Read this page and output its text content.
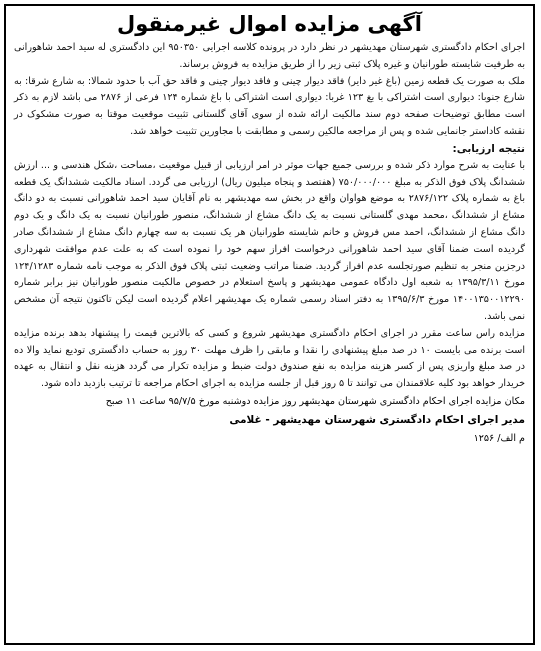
آگهی مزایده اموال غیرمنقول

اجرای احکام دادگستری شهرستان مهدیشهر در نظر دارد در پرونده کلاسه اجرایی ۹۵۰۳۵۰ این دادگستری له سید احمد شاهورانی به طرفیت شایسته طورانیان و غیره پلاک ثبتی زیر را از طریق مزایده به فروش برساند.

ملک به صورت یک قطعه زمین (باغ غیر دایر) فاقد دیوار چینی و فاقد دیوار چینی و فاقد حق آب با حدود شمالا: به شارع شرقا: به شارع جنوبا: دیواری است اشتراکی با بغ ۱۲۳ غربا: دیواری است اشتراکی با باغ شماره ۱۲۴ فرعی از ۲۸۷۶ می باشد لازم به ذکر است مطابق توضیحات صفحه دوم سند مالکیت ارائه شده از سوی آقای گلستانی تثبیت موقعیت موقتا به صورت مشکوک در نقشه کاداستر جانمایی شده و پس از مراجعه مالکین رسمی و مطابقت با مجاورین تثبیت خواهد شد.

نتیجه ارزیابی:

با عنایت به شرح موارد ذکر شده و بررسی جمیع جهات موثر در امر ارزیابی از قبیل موقعیت ،مساحت ،شکل هندسی و ... ارزش ششدانگ پلاک فوق الذکر به مبلغ ۷۵۰/۰۰۰/۰۰۰ (هفتصد و پنجاه میلیون ریال) ارزیابی می گردد. اسناد مالکیت ششدانگ یک قطعه باغ به شماره پلاک ۲۸۷۶/۱۲۲ به موضع هواوان واقع در بخش سه مهدیشهر به نام آقایان سید احمد شاهورانی نسبت به دو دانگ مشاع از ششدانگ ،محمد مهدی گلستانی نسبت به یک دانگ مشاع از ششدانگ، منصور طورانیان نسبت به یک دانگ و یک دوم دانگ مشاع از ششدانگ، احمد مس فروش و خانم شایسته طورانیان هر یک نسبت به سه چهارم دانگ مشاع از ششدانگ صادر گردیده است ضمنا آقای سید احمد شاهورانی درخواست افراز سهم خود را نموده است که به علت عدم موافقت شهرداری درجزین منجر به تنظیم صورتجلسه عدم افراز گردید. ضمنا مراتب وضعیت ثبتی پلاک فوق الذکر به موجب نامه شماره ۱۲۴/۱۲۸۳ مورخ ۱۳۹۵/۳/۱۱ به شعبه اول دادگاه عمومی مهدیشهر و پاسخ استعلام در خصوص مالکیت منصور طورانیان نیز برابر شماره ۱۴۰۰۱۳۵۰۰۱۲۲۹۰ مورخ ۱۳۹۵/۶/۳ به دفتر اسناد رسمی شماره یک مهدیشهر اعلام گردیده است لیکن تاکنون نتیجه آن مشخص نمی باشد.

مزایده راس ساعت مقرر در اجرای احکام دادگستری مهدیشهر شروع و کسی که بالاترین قیمت را پیشنهاد بدهد برنده مزایده است برنده می بایست ۱۰ در صد مبلغ پیشنهادی را نقدا و مابقی را ظرف مهلت ۳۰ روز به حساب دادگستری تودیع نماید والا ده در صد مبلغ واریزی پس از کسر هزینه مزایده به نفع صندوق دولت ضبط و مزایده تکرار می گردد هزینه نقل و انتقال به عهده خریدار خواهد بود کلیه علاقمندان می توانند تا ۵ روز قبل از جلسه مزایده به اجرای احکام مراجعه تا ترتیب بازدید داده شود.

مکان مزایده اجرای احکام دادگستری شهرستان مهدیشهر روز مزایده دوشنبه مورخ ۹۵/۷/۵ ساعت ۱۱ صبح
مدیر اجرای احکام دادگستری شهرستان مهدیشهر - غلامی
م الف/ ۱۲۵۶
